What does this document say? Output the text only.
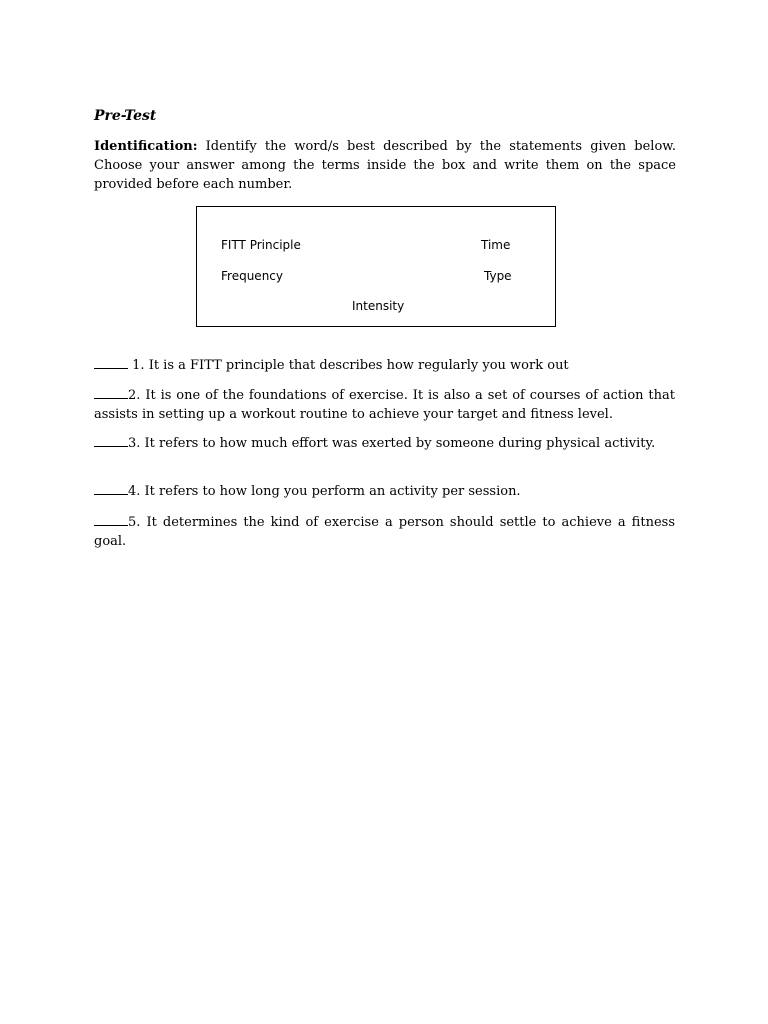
Pre-Test

Identification: Identify the word/s best described by the statements given below. Choose your answer among the terms inside the box and write them on the space provided before each number.

FITT Principle	Time
Frequency	Type
Intensity

1. It is a FITT principle that describes how regularly you work out

2. It is one of the foundations of exercise. It is also a set of courses of action that assists in setting up a workout routine to achieve your target and fitness level.

3. It refers to how much effort was exerted by someone during physical activity.

4. It refers to how long you perform an activity per session.

5. It determines the kind of exercise a person should settle to achieve a fitness goal.
